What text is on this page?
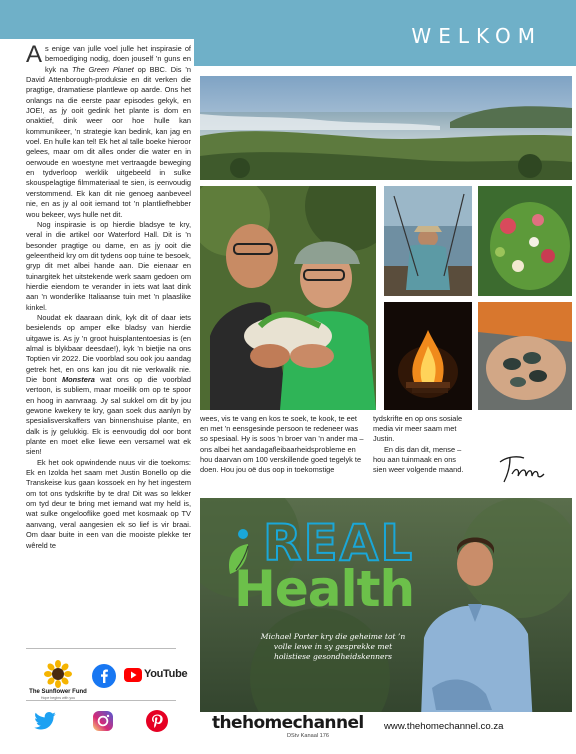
WELKOM

As enige van julle voel julle het inspirasie of bemoediging nodig, doen jouself ’n guns en kyk na The Green Planet op BBC. Dis ’n David Attenborough-produksie en dit verken die pragtige, dramatiese plantlewe op aarde. Ons het onlangs na die eerste paar episodes gekyk, en JOE!, as jy ooit gedink het plante is dom en onaktief, dink weer oor hoe hulle kan kommunikeer, ’n strategie kan bedink, kan jag en voel. En hulle kan tel! Ek het al talle boeke hieroor gelees, maar om dit alles onder die water en in oerwoude en woestyne met vertraagde beweging en tydverloop werklik uitgebeeld in sulke skouspelagtige filmmateriaal te sien, is eenvoudig verstommend. Ek kan dit nie genoeg aanbeveel nie, en as jy al ooit iemand tot ’n plantliefhebber wou bekeer, wys hulle net dit.

Nog inspirasie is op hierdie bladsye te kry, veral in die artikel oor Waterford Hall. Dit is ’n besonder pragtige ou dame, en as jy ooit die geleentheid kry om dit tydens oop tuine te besoek, gryp dit met albei hande aan. Die eienaar en tuinargitek het uitstekende werk saam gedoen om hierdie eiendom te verander in iets wat laat dink aan ’n wonderlike Italiaanse tuin met ’n plaaslike kinkel.

Noudat ek daaraan dink, kyk dit of daar iets besielends op amper elke bladsy van hierdie uitgawe is. As jy ’n groot huisplantentoesias is (en almal is blykbaar deesdae!), kyk ’n bietjie na ons Toptien vir 2022. Die voorblad sou ook jou aandag getrek het, en ons kan jou dit nie verkwalik nie. Die bont Monstera wat ons op die voorblad vertoon, is subliem, maar moeilik om op te spoor en hoog in aanvraag. Jy sal sukkel om dit by jou gewone kwekery te kry, gaan soek dus aanlyn by spesialisverskaffers van binnenshuise plante, en dalk is jy gelukkig. Ek is eenvoudig dol oor bont plante en moet elke liewe een versamel wat ek sien!

Ek het ook opwindende nuus vir die toekoms: Ek en Izolda het saam met Justin Bonello op die Transkeise kus gaan kossoek en hy het ingestem om tot ons tydskrifte by te dra! Dit was so lekker om tyd deur te bring met iemand wat my held is, wat sulke ongelooflike goed met kosmaak op TV aanvang, veral aangesien ek so lief is vir braai. Om daar buite in een van die mooiste plekke ter wêreld te

wees, vis te vang en kos te soek, te kook, te eet en met ’n eensgesinde persoon te redeneer was so spesiaal. Hy is soos ’n broer van ’n ander ma – ons albei het aandagafleibaarheidsprobleme en hou daarvan om 100 verskillende goed tegelyk te doen. Hou jou oë dus oop in toekomstige

tydskrifte en op ons sosiale media vir meer saam met Justin.

En dis dan dit, mense – hou aan tuinmaak en ons sien weer volgende maand.

The Sunflower Fund
Hope begins with you
YouTube
REAL
Health
Michael Porter kry die geheime tot ’n volle lewe in sy gesprekke met holistiese gesondheidskenners
thehomechannel
DStv Kanaal 176
www.thehomechannel.co.za
